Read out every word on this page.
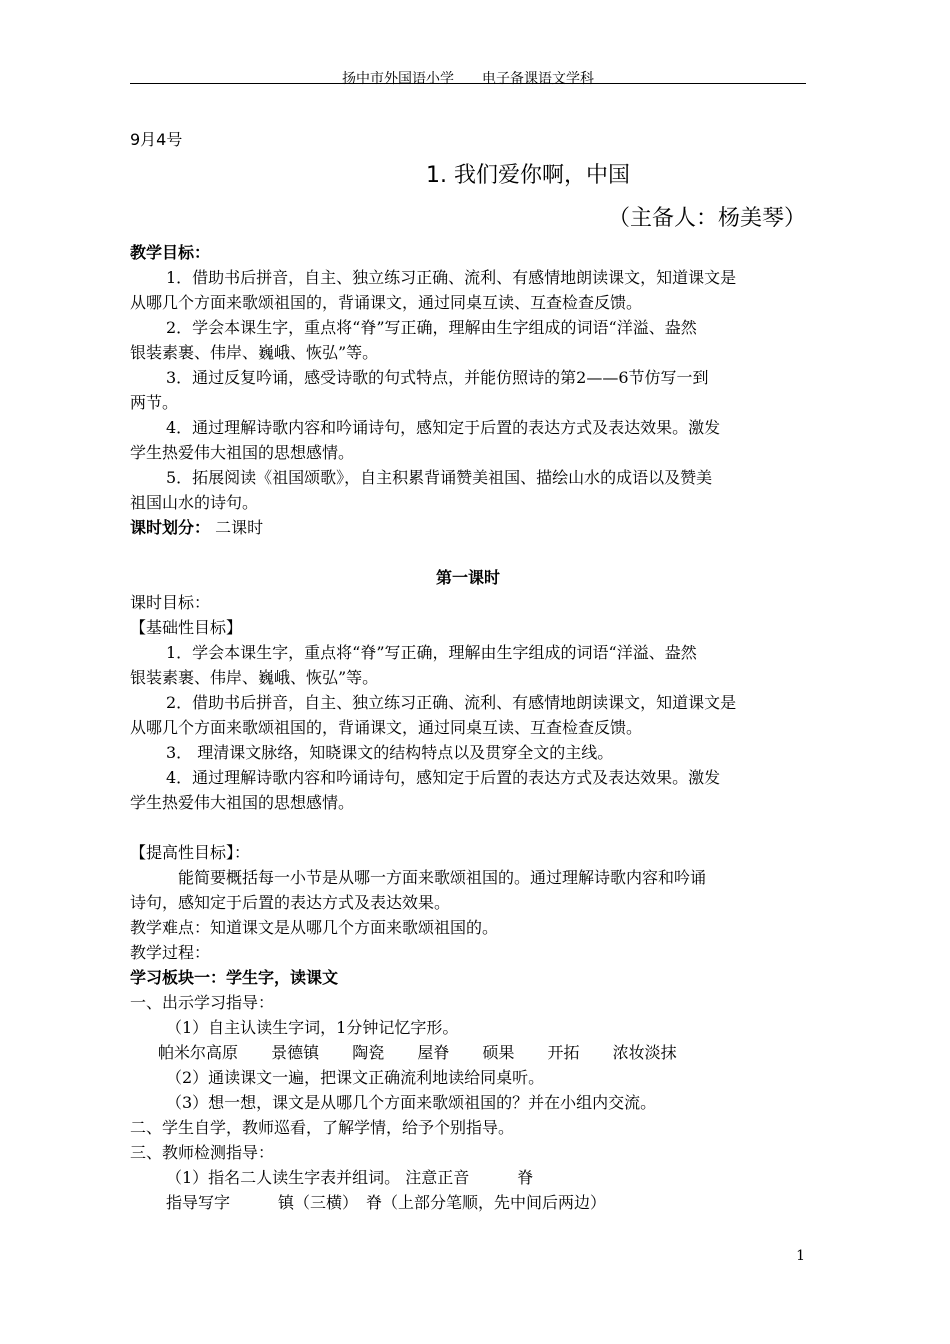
扬中市外国语小学　　电子备课语文学科
9月4号
1. 我们爱你啊，中国
（主备人：杨美琴）
教学目标：
1．借助书后拼音，自主、独立练习正确、流利、有感情地朗读课文，知道课文是
从哪几个方面来歌颂祖国的，背诵课文，通过同桌互读、互查检查反馈。
2．学会本课生字，重点将“脊”写正确，理解由生字组成的词语“洋溢、盎然
银装素裹、伟岸、巍峨、恢弘”等。
3．通过反复吟诵，感受诗歌的句式特点，并能仿照诗的第2——6节仿写一到
两节。
4．通过理解诗歌内容和吟诵诗句，感知定于后置的表达方式及表达效果。激发
学生热爱伟大祖国的思想感情。
5．拓展阅读《祖国颂歌》，自主积累背诵赞美祖国、描绘山水的成语以及赞美
祖国山水的诗句。
课时划分： 二课时
第一课时
课时目标：
【基础性目标】
1．学会本课生字，重点将“脊”写正确，理解由生字组成的词语“洋溢、盎然
银装素裹、伟岸、巍峨、恢弘”等。
2．借助书后拼音，自主、独立练习正确、流利、有感情地朗读课文，知道课文是
从哪几个方面来歌颂祖国的，背诵课文，通过同桌互读、互查检查反馈。
3． 理清课文脉络，知晓课文的结构特点以及贯穿全文的主线。
4．通过理解诗歌内容和吟诵诗句，感知定于后置的表达方式及表达效果。激发
学生热爱伟大祖国的思想感情。
【提高性目标】：
能简要概括每一小节是从哪一方面来歌颂祖国的。通过理解诗歌内容和吟诵
诗句，感知定于后置的表达方式及表达效果。
教学难点：知道课文是从哪几个方面来歌颂祖国的。
教学过程：
学习板块一：学生字，读课文
一、出示学习指导：
（1）自主认读生字词，1分钟记忆字形。
帕米尔高原 景德镇 陶瓷 屋脊 硕果 开拓 浓妆淡抹
（2）通读课文一遍，把课文正确流利地读给同桌听。
（3）想一想，课文是从哪几个方面来歌颂祖国的？并在小组内交流。
二、学生自学，教师巡看，了解学情，给予个别指导。
三、教师检测指导：
（1）指名二人读生字表并组词。 注意正音　　　脊
指导写字　　　镇（三横）　脊（上部分笔顺，先中间后两边）
1
